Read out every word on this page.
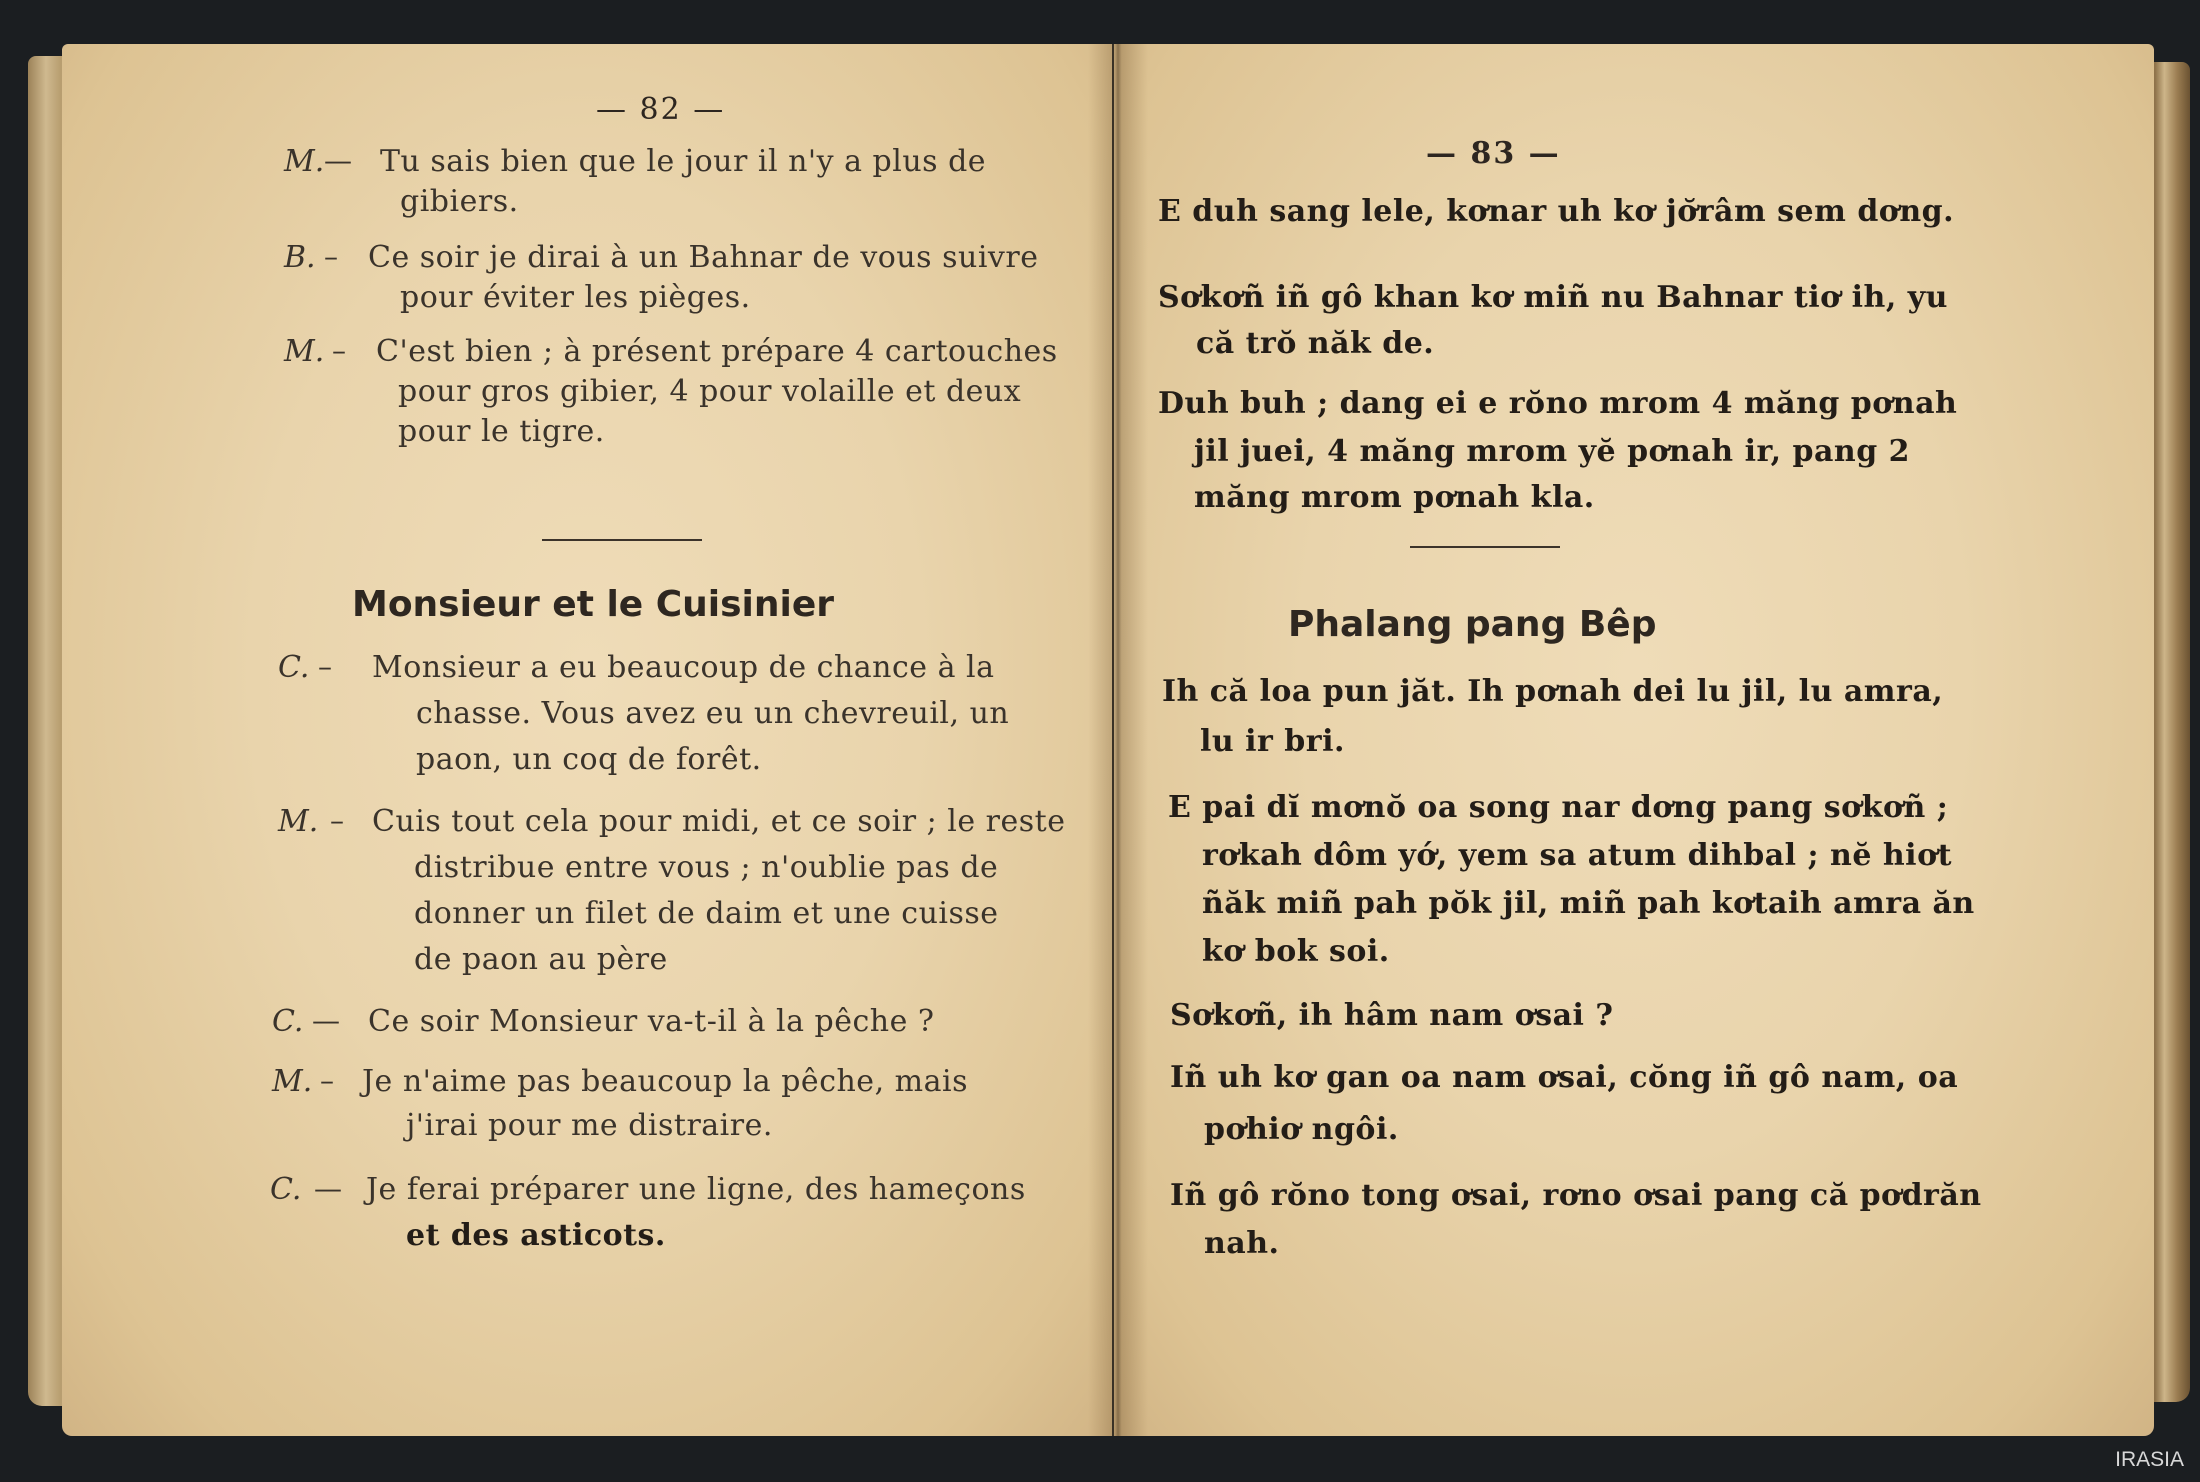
— 82 —
M. — Tu sais bien que le jour il n'y a plus de
gibiers.
B. – Ce soir je dirai à un Bahnar de vous suivre
pour éviter les pièges.
M. – C'est bien ; à présent prépare 4 cartouches
pour gros gibier, 4 pour volaille et deux
pour le tigre.
Monsieur et le Cuisinier
C. – Monsieur a eu beaucoup de chance à la
chasse. Vous avez eu un chevreuil, un
paon, un coq de forêt.
M. – Cuis tout cela pour midi, et ce soir ; le reste
distribue entre vous ; n'oublie pas de
donner un filet de daim et une cuisse
de paon au père
C. — Ce soir Monsieur va-t-il à la pêche ?
M. – Je n'aime pas beaucoup la pêche, mais
j'irai pour me distraire.
C. — Je ferai préparer une ligne, des hameçons
et des asticots.
— 83 —
E duh sang lele, kơnar uh kơ jơ̆râm sem dơng.
Sơkơñ iñ gô khan kơ miñ nu Bahnar tiơ ih, yu
că trŏ năk de.
Duh buh ; dang ei e rŏno mrom 4 măng pơnah
jil juei, 4 măng mrom yĕ pơnah ir, pang 2
măng mrom pơnah kla.
Phalang pang Bêp
Ih că loa pun jăt. Ih pơnah dei lu jil, lu amra,
lu ir bri.
E pai dĭ mơnŏ oa song nar dơng pang sơkơñ ;
rơkah dôm yớ, yem sa atum dihbal ; nĕ hiơt
ñăk miñ pah pŏk jil, miñ pah kơtaih amra ăn
kơ bok soi.
Sơkơñ, ih hâm nam ơsai ?
Iñ uh kơ gan oa nam ơsai, cŏng iñ gô nam, oa
pơhiơ ngôi.
Iñ gô rŏno tong ơsai, rơno ơsai pang că pơdrăn
nah.
IRASIA
